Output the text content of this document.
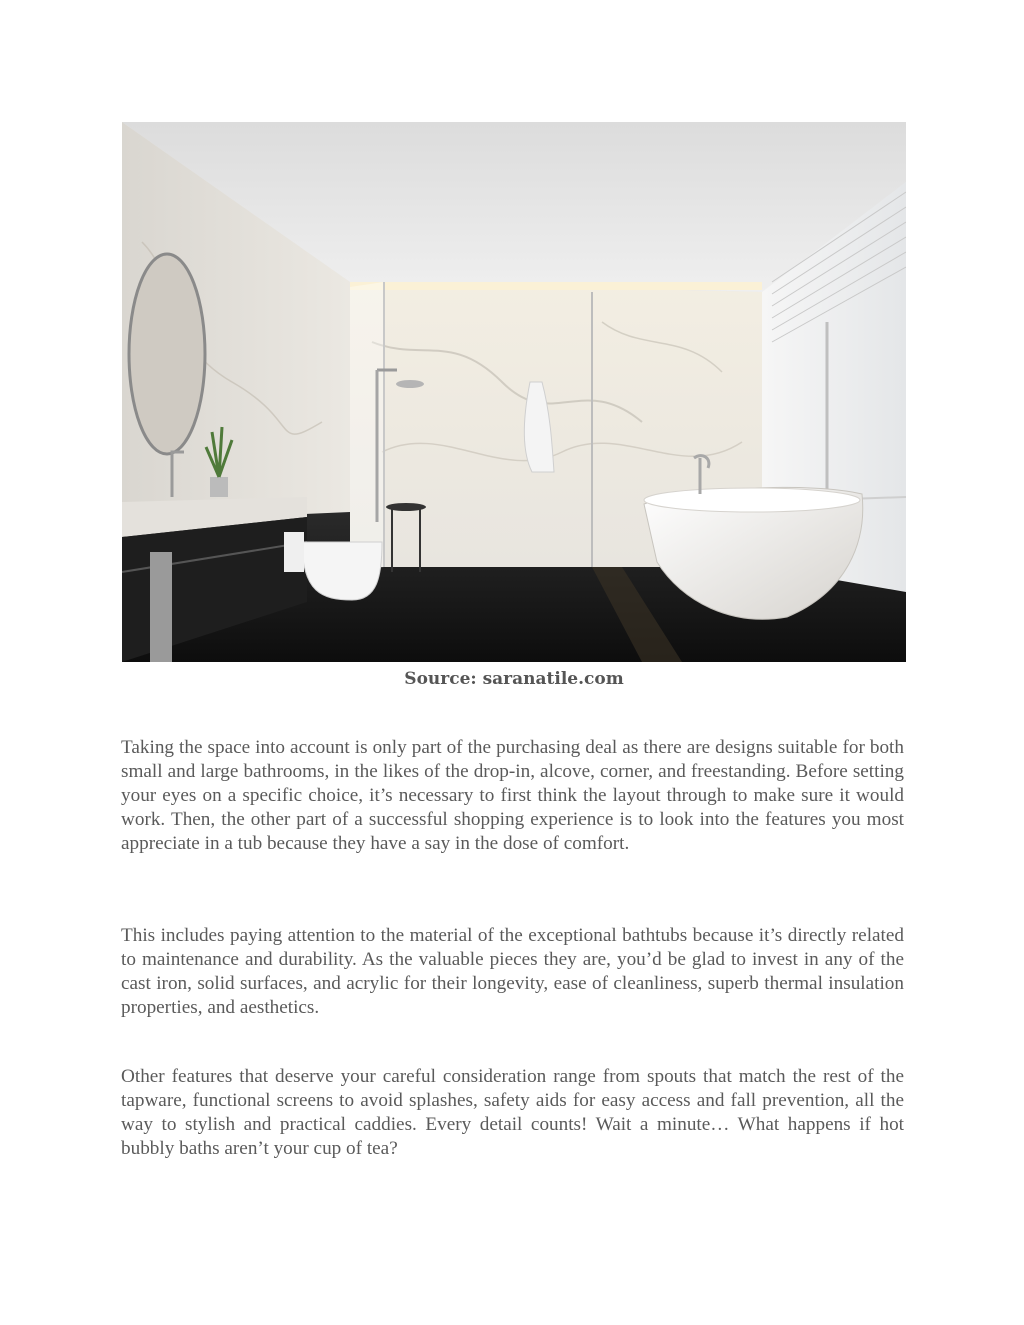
Source: saranatile.com

Taking the space into account is only part of the purchasing deal as there are designs suitable for both small and large bathrooms, in the likes of the drop-in, alcove, corner, and freestanding. Before setting your eyes on a specific choice, it’s necessary to first think the layout through to make sure it would work. Then, the other part of a successful shopping experience is to look into the features you most appreciate in a tub because they have a say in the dose of comfort.

This includes paying attention to the material of the exceptional bathtubs because it’s directly related to maintenance and durability. As the valuable pieces they are, you’d be glad to invest in any of the cast iron, solid surfaces, and acrylic for their longevity, ease of cleanliness, superb thermal insulation properties, and aesthetics.

Other features that deserve your careful consideration range from spouts that match the rest of the tapware, functional screens to avoid splashes, safety aids for easy access and fall prevention, all the way to stylish and practical caddies. Every detail counts! Wait a minute… What happens if hot bubbly baths aren’t your cup of tea?
